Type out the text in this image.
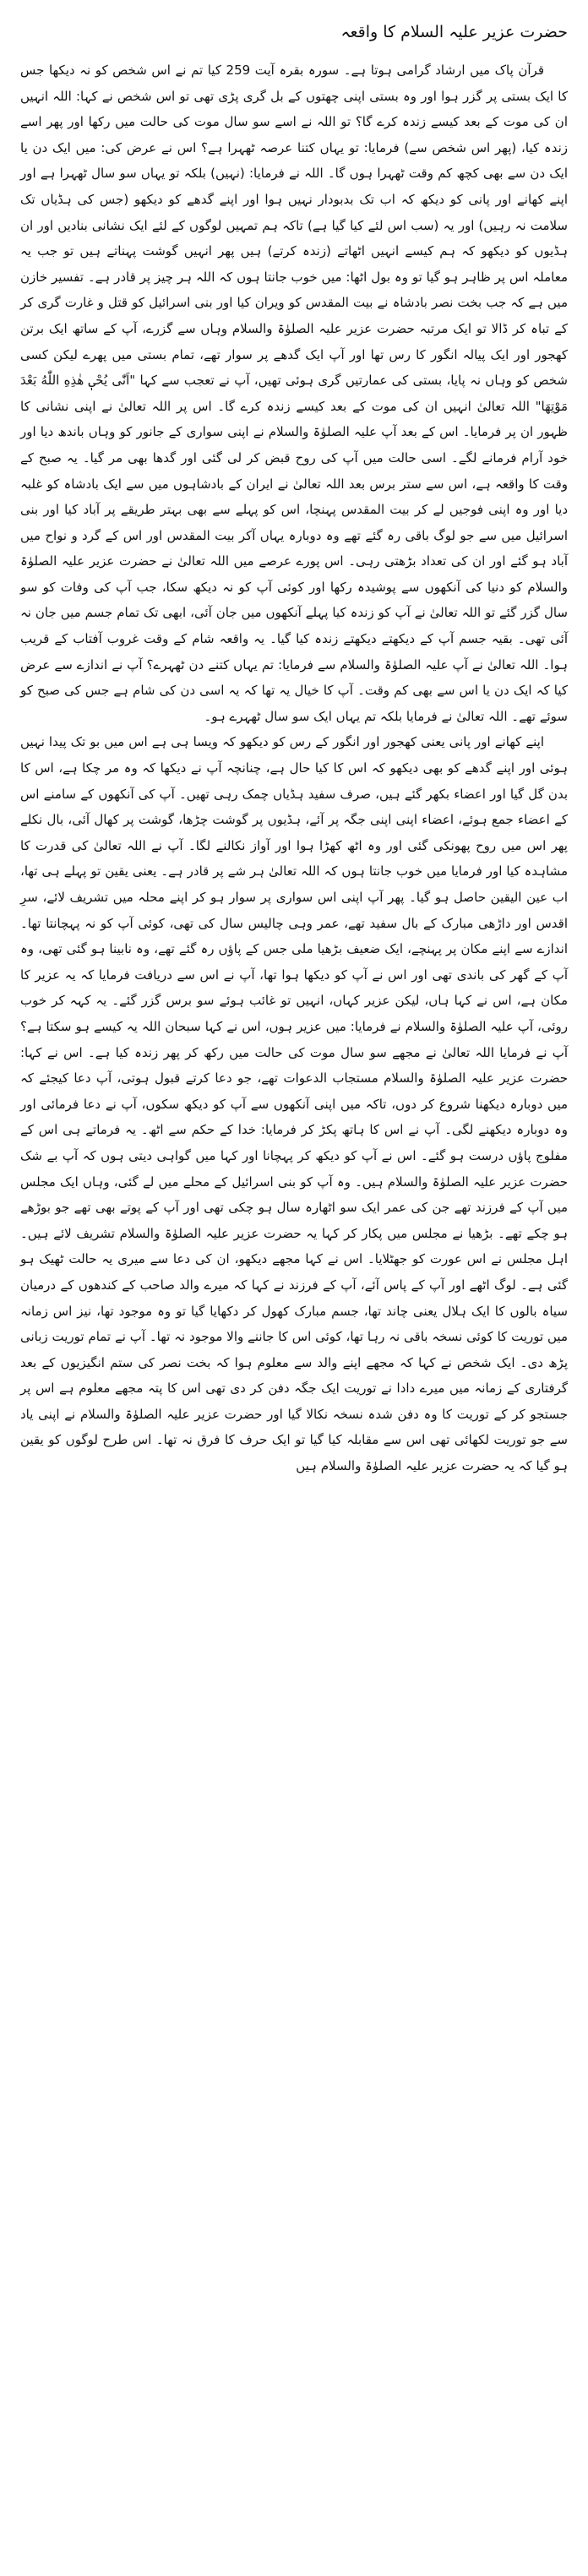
حضرت عزیر علیہ السلام کا واقعہ

قرآن پاک میں ارشاد گرامی ہوتا ہے۔ سورہ بقرہ آیت 259 کیا تم نے اس شخص کو نہ دیکھا جس کا ایک بستی پر گزر ہوا اور وہ بستی اپنی چھتوں کے بل گری پڑی تھی تو اس شخص نے کہا: اللہ انہیں ان کی موت کے بعد کیسے زندہ کرے گا؟ تو اللہ نے اسے سو سال موت کی حالت میں رکھا اور پھر اسے زندہ کیا، (پھر اس شخص سے) فرمایا: تو یہاں کتنا عرصہ ٹھہرا ہے؟ اس نے عرض کی: میں ایک دن یا ایک دن سے بھی کچھ کم وقت ٹھہرا ہوں گا۔ اللہ نے فرمایا: (نہیں) بلکہ تو یہاں سو سال ٹھہرا ہے اور اپنے کھانے اور پانی کو دیکھ کہ اب تک بدبودار نہیں ہوا اور اپنے گدھے کو دیکھو (جس کی ہڈیاں تک سلامت نہ رہیں) اور یہ (سب اس لئے کیا گیا ہے) تاکہ ہم تمہیں لوگوں کے لئے ایک نشانی بنادیں اور ان ہڈیوں کو دیکھو کہ ہم کیسے انہیں اٹھاتے (زندہ کرتے) ہیں پھر انہیں گوشت پہناتے ہیں تو جب یہ معاملہ اس پر ظاہر ہو گیا تو وہ بول اٹھا: میں خوب جانتا ہوں کہ اللہ ہر چیز پر قادر ہے۔ تفسیر خازن میں ہے کہ جب بخت نصر بادشاہ نے بیت المقدس کو ویران کیا اور بنی اسرائیل کو قتل و غارت گری کر کے تباہ کر ڈالا تو ایک مرتبہ حضرت عزیر علیہ الصلوٰۃ والسلام وہاں سے گزرے، آپ کے ساتھ ایک برتن کھجور اور ایک پیالہ انگور کا رس تھا اور آپ ایک گدھے پر سوار تھے، تمام بستی میں پھرے لیکن کسی شخص کو وہاں نہ پایا، بستی کی عمارتیں گری ہوئی تھیں، آپ نے تعجب سے کہا "اَنّٰی یُحْیٖ هٰذِهِ اللّٰهُ بَعْدَ مَوْتِهَا" اللہ تعالیٰ انہیں ان کی موت کے بعد کیسے زندہ کرے گا۔ اس پر اللہ تعالیٰ نے اپنی نشانی کا ظہور ان پر فرمایا۔ اس کے بعد آپ علیہ الصلوٰۃ والسلام نے اپنی سواری کے جانور کو وہاں باندھ دیا اور خود آرام فرمانے لگے۔ اسی حالت میں آپ کی روح قبض کر لی گئی اور گدھا بھی مر گیا۔ یہ صبح کے وقت کا واقعہ ہے، اس سے ستر برس بعد اللہ تعالیٰ نے ایران کے بادشاہوں میں سے ایک بادشاہ کو غلبہ دیا اور وہ اپنی فوجیں لے کر بیت المقدس پہنچا، اس کو پہلے سے بھی بہتر طریقے پر آباد کیا اور بنی اسرائیل میں سے جو لوگ باقی رہ گئے تھے وہ دوبارہ یہاں آکر بیت المقدس اور اس کے گرد و نواح میں آباد ہو گئے اور ان کی تعداد بڑھتی رہی۔ اس پورے عرصے میں اللہ تعالیٰ نے حضرت عزیر علیہ الصلوٰۃ والسلام کو دنیا کی آنکھوں سے پوشیدہ رکھا اور کوئی آپ کو نہ دیکھ سکا، جب آپ کی وفات کو سو سال گزر گئے تو اللہ تعالیٰ نے آپ کو زندہ کیا پہلے آنکھوں میں جان آئی، ابھی تک تمام جسم میں جان نہ آئی تھی۔ بقیہ جسم آپ کے دیکھتے دیکھتے زندہ کیا گیا۔ یہ واقعہ شام کے وقت غروب آفتاب کے قریب ہوا۔ اللہ تعالیٰ نے آپ علیہ الصلوٰۃ والسلام سے فرمایا: تم یہاں کتنے دن ٹھہرے؟ آپ نے اندازے سے عرض کیا کہ ایک دن یا اس سے بھی کم وقت۔ آپ کا خیال یہ تھا کہ یہ اسی دن کی شام ہے جس کی صبح کو سوئے تھے۔ اللہ تعالیٰ نے فرمایا بلکہ تم یہاں ایک سو سال ٹھہرے ہو۔

اپنے کھانے اور پانی یعنی کھجور اور انگور کے رس کو دیکھو کہ ویسا ہی ہے اس میں بو تک پیدا نہیں ہوئی اور اپنے گدھے کو بھی دیکھو کہ اس کا کیا حال ہے، چنانچہ آپ نے دیکھا کہ وہ مر چکا ہے، اس کا بدن گل گیا اور اعضاء بکھر گئے ہیں، صرف سفید ہڈیاں چمک رہی تھیں۔ آپ کی آنکھوں کے سامنے اس کے اعضاء جمع ہوئے، اعضاء اپنی اپنی جگہ پر آئے، ہڈیوں پر گوشت چڑھا، گوشت پر کھال آئی، بال نکلے پھر اس میں روح پھونکی گئی اور وہ اٹھ کھڑا ہوا اور آواز نکالنے لگا۔ آپ نے اللہ تعالیٰ کی قدرت کا مشاہدہ کیا اور فرمایا میں خوب جانتا ہوں کہ اللہ تعالیٰ ہر شے پر قادر ہے۔ یعنی یقین تو پہلے ہی تھا، اب عین الیقین حاصل ہو گیا۔ پھر آپ اپنی اس سواری پر سوار ہو کر اپنے محلہ میں تشریف لائے، سرِ اقدس اور داڑھی مبارک کے بال سفید تھے، عمر وہی چالیس سال کی تھی، کوئی آپ کو نہ پہچانتا تھا۔ اندازے سے اپنے مکان پر پہنچے، ایک ضعیف بڑھیا ملی جس کے پاؤں رہ گئے تھے، وہ نابینا ہو گئی تھی، وہ آپ کے گھر کی باندی تھی اور اس نے آپ کو دیکھا ہوا تھا، آپ نے اس سے دریافت فرمایا کہ یہ عزیر کا مکان ہے، اس نے کہا ہاں، لیکن عزیر کہاں، انہیں تو غائب ہوئے سو برس گزر گئے۔ یہ کہہ کر خوب روئی، آپ علیہ الصلوٰۃ والسلام نے فرمایا: میں عزیر ہوں، اس نے کہا سبحان اللہ یہ کیسے ہو سکتا ہے؟ آپ نے فرمایا اللہ تعالیٰ نے مجھے سو سال موت کی حالت میں رکھ کر پھر زندہ کیا ہے۔ اس نے کہا: حضرت عزیر علیہ الصلوٰۃ والسلام مستجاب الدعوات تھے، جو دعا کرتے قبول ہوتی، آپ دعا کیجئے کہ میں دوبارہ دیکھنا شروع کر دوں، تاکہ میں اپنی آنکھوں سے آپ کو دیکھ سکوں، آپ نے دعا فرمائی اور وہ دوبارہ دیکھنے لگی۔ آپ نے اس کا ہاتھ پکڑ کر فرمایا: خدا کے حکم سے اٹھ۔ یہ فرماتے ہی اس کے مفلوج پاؤں درست ہو گئے۔ اس نے آپ کو دیکھ کر پہچانا اور کہا میں گواہی دیتی ہوں کہ آپ بے شک حضرت عزیر علیہ الصلوٰۃ والسلام ہیں۔ وہ آپ کو بنی اسرائیل کے محلے میں لے گئی، وہاں ایک مجلس میں آپ کے فرزند تھے جن کی عمر ایک سو اٹھارہ سال ہو چکی تھی اور آپ کے پوتے بھی تھے جو بوڑھے ہو چکے تھے۔ بڑھیا نے مجلس میں پکار کر کہا یہ حضرت عزیر علیہ الصلوٰۃ والسلام تشریف لائے ہیں۔ اہل مجلس نے اس عورت کو جھٹلایا۔ اس نے کہا مجھے دیکھو، ان کی دعا سے میری یہ حالت ٹھیک ہو گئی ہے۔ لوگ اٹھے اور آپ کے پاس آئے، آپ کے فرزند نے کہا کہ میرے والد صاحب کے کندھوں کے درمیان سیاہ بالوں کا ایک ہلال یعنی چاند تھا، جسم مبارک کھول کر دکھایا گیا تو وہ موجود تھا، نیز اس زمانہ میں توریت کا کوئی نسخہ باقی نہ رہا تھا، کوئی اس کا جاننے والا موجود نہ تھا۔ آپ نے تمام توریت زبانی پڑھ دی۔ ایک شخص نے کہا کہ مجھے اپنے والد سے معلوم ہوا کہ بخت نصر کی ستم انگیزیوں کے بعد گرفتاری کے زمانہ میں میرے دادا نے توریت ایک جگہ دفن کر دی تھی اس کا پتہ مجھے معلوم ہے اس پر جستجو کر کے توریت کا وہ دفن شدہ نسخہ نکالا گیا اور حضرت عزیر علیہ الصلوٰۃ والسلام نے اپنی یاد سے جو توریت لکھائی تھی اس سے مقابلہ کیا گیا تو ایک حرف کا فرق نہ تھا۔ اس طرح لوگوں کو یقین ہو گیا کہ یہ حضرت عزیر علیہ الصلوٰۃ والسلام ہیں
